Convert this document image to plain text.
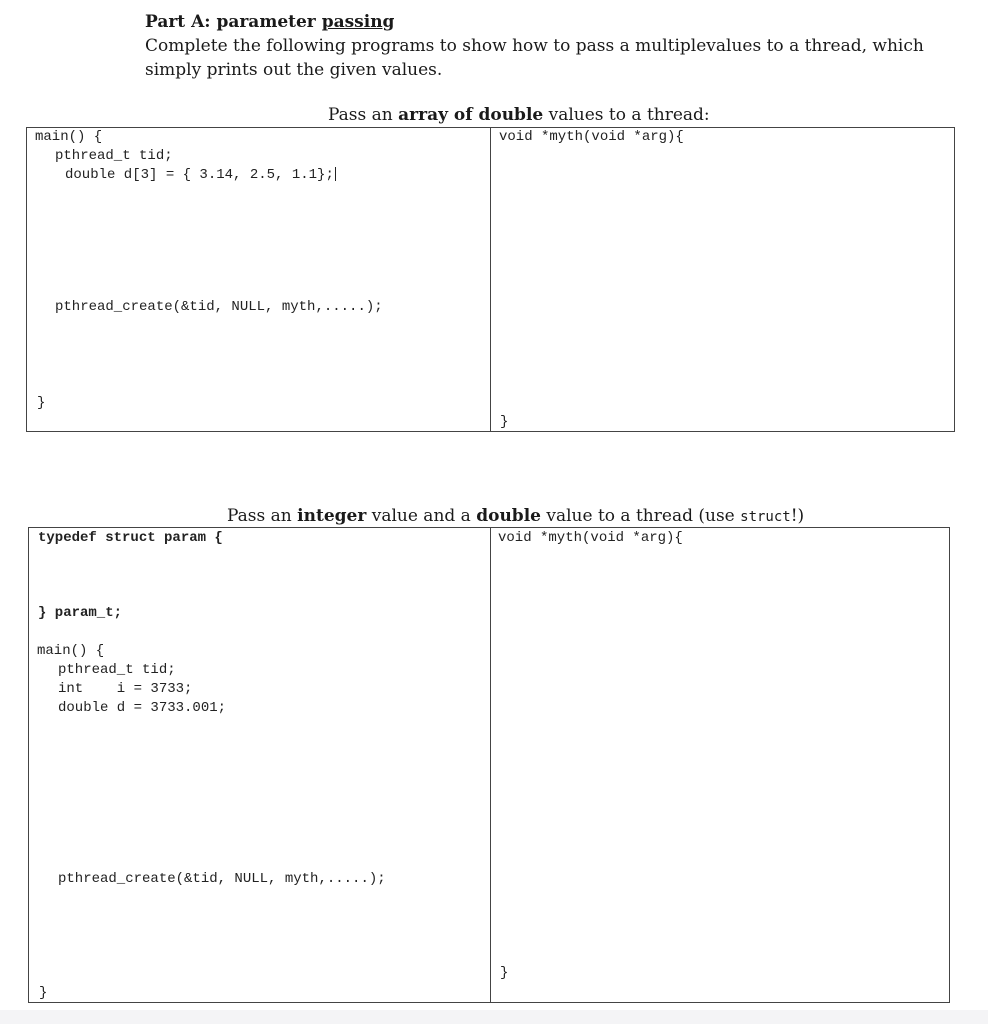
Part A: parameter passing
Complete the following programs to show how to pass a multiplevalues to a thread, which simply prints out the given values.
Pass an array of double values to a thread:
main() {
pthread_t tid;
double d[3] = { 3.14, 2.5, 1.1};
pthread_create(&tid, NULL, myth,.....);
}
void *myth(void *arg){
}
Pass an integer value and a double value to a thread (use struct!)
typedef struct param {
} param_t;
main() {
pthread_t tid;
int    i = 3733;
double d = 3733.001;
pthread_create(&tid, NULL, myth,.....);
}
void *myth(void *arg){
}
